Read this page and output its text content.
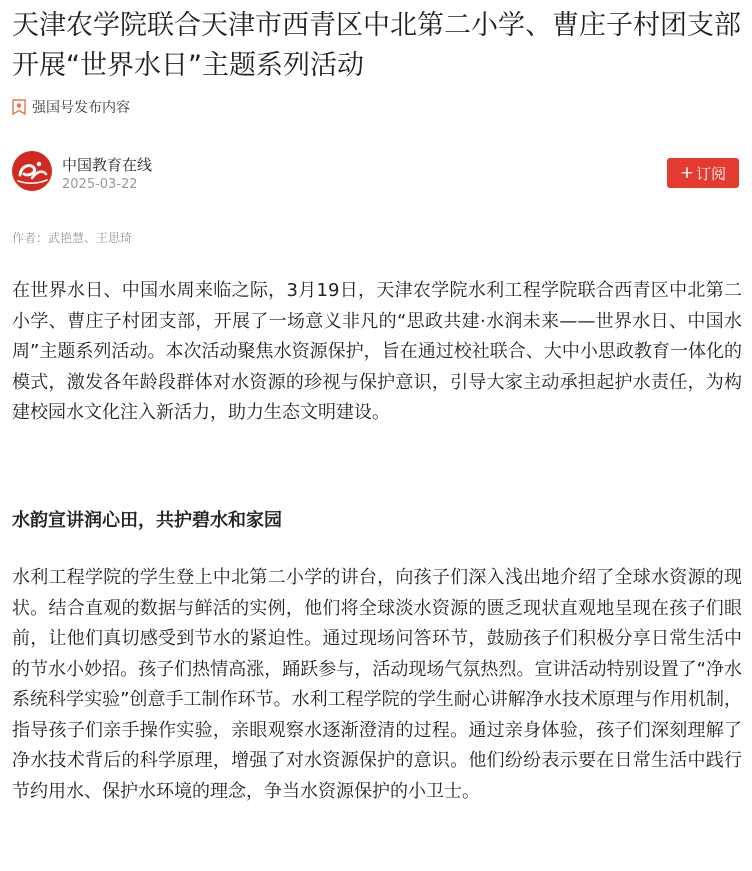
天津农学院联合天津市西青区中北第二小学、曹庄子村团支部开展“世界水日”主题系列活动
强国号发布内容
中国教育在线
2025-03-22
+ 订阅
作者：武艳慧、王思琦

在世界水日、中国水周来临之际，3月19日，天津农学院水利工程学院联合西青区中北第二小学、曹庄子村团支部，开展了一场意义非凡的“思政共建·水润未来——世界水日、中国水周”主题系列活动。本次活动聚焦水资源保护，旨在通过校社联合、大中小思政教育一体化的模式，激发各年龄段群体对水资源的珍视与保护意识，引导大家主动承担起护水责任，为构建校园水文化注入新活力，助力生态文明建设。

水韵宣讲润心田，共护碧水和家园

水利工程学院的学生登上中北第二小学的讲台，向孩子们深入浅出地介绍了全球水资源的现状。结合直观的数据与鲜活的实例，他们将全球淡水资源的匮乏现状直观地呈现在孩子们眼前，让他们真切感受到节水的紧迫性。通过现场问答环节，鼓励孩子们积极分享日常生活中的节水小妙招。孩子们热情高涨，踊跃参与，活动现场气氛热烈。宣讲活动特别设置了“净水系统科学实验”创意手工制作环节。水利工程学院的学生耐心讲解净水技术原理与作用机制，指导孩子们亲手操作实验，亲眼观察水逐渐澄清的过程。通过亲身体验，孩子们深刻理解了净水技术背后的科学原理，增强了对水资源保护的意识。他们纷纷表示要在日常生活中践行节约用水、保护水环境的理念，争当水资源保护的小卫士。
